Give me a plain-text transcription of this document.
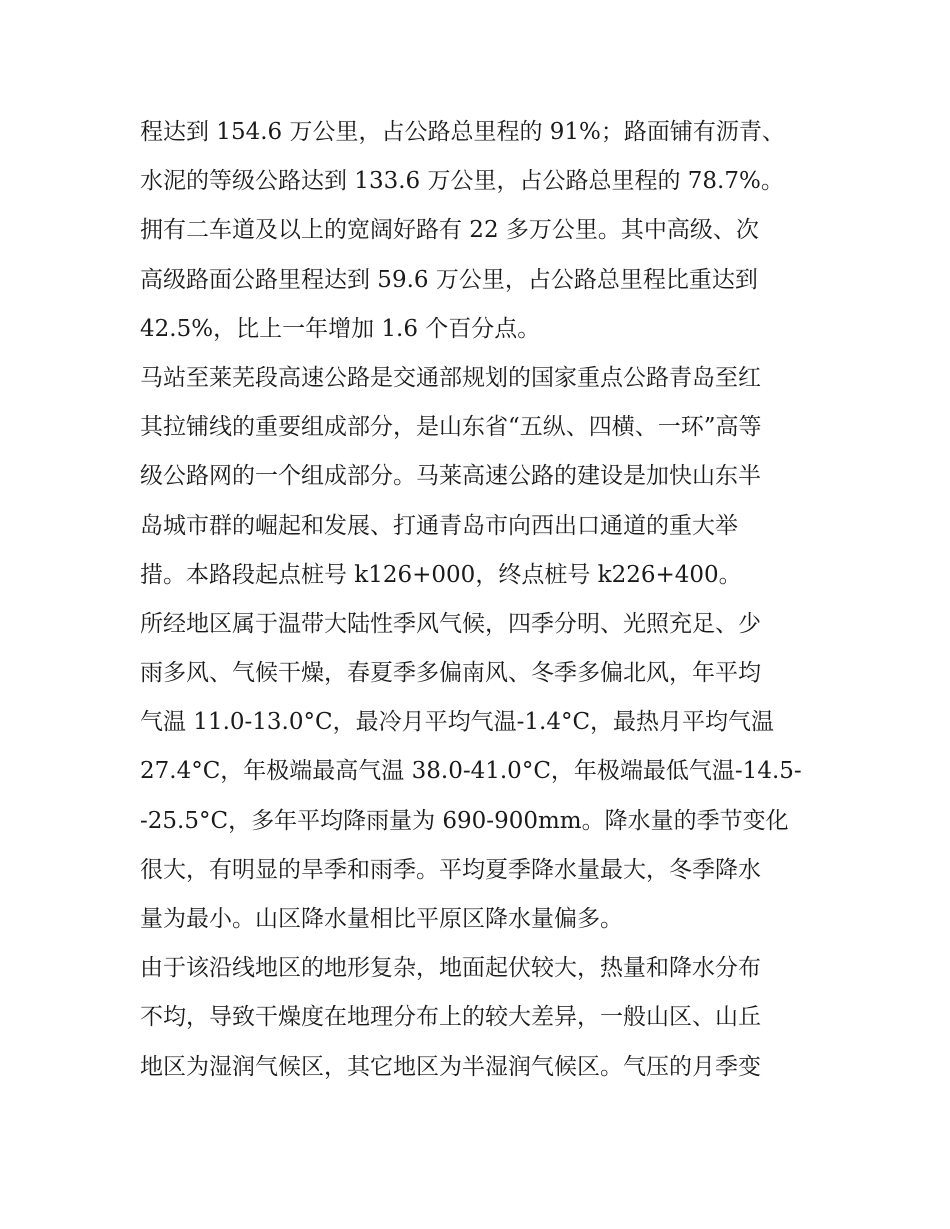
程达到 154.6 万公里，占公路总里程的 91%；路面铺有沥青、
水泥的等级公路达到 133.6 万公里，占公路总里程的 78.7%。
拥有二车道及以上的宽阔好路有 22 多万公里。其中高级、次
高级路面公路里程达到 59.6 万公里，占公路总里程比重达到
42.5%，比上一年增加 1.6 个百分点。
马站至莱芜段高速公路是交通部规划的国家重点公路青岛至红
其拉铺线的重要组成部分，是山东省“五纵、四横、一环”高等
级公路网的一个组成部分。马莱高速公路的建设是加快山东半
岛城市群的崛起和发展、打通青岛市向西出口通道的重大举
措。本路段起点桩号 k126+000，终点桩号 k226+400。
所经地区属于温带大陆性季风气候，四季分明、光照充足、少
雨多风、气候干燥，春夏季多偏南风、冬季多偏北风，年平均
气温 11.0-13.0°C，最冷月平均气温-1.4°C，最热月平均气温
27.4°C，年极端最高气温 38.0-41.0°C，年极端最低气温-14.5-
-25.5°C，多年平均降雨量为 690-900mm。降水量的季节变化
很大，有明显的旱季和雨季。平均夏季降水量最大，冬季降水
量为最小。山区降水量相比平原区降水量偏多。
由于该沿线地区的地形复杂，地面起伏较大，热量和降水分布
不均，导致干燥度在地理分布上的较大差异，一般山区、山丘
地区为湿润气候区，其它地区为半湿润气候区。气压的月季变
